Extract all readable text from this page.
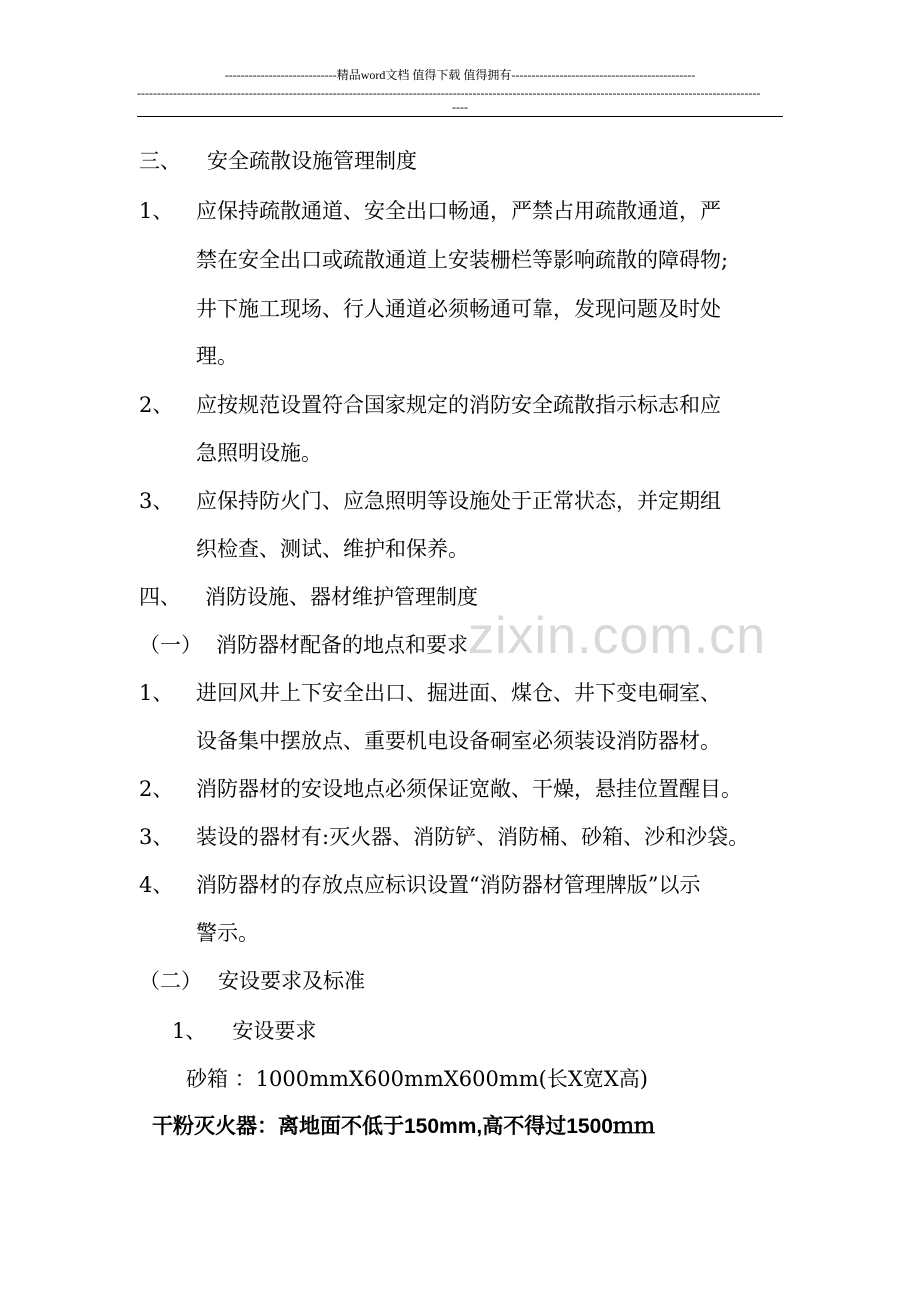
----------------------------精品word文档 值得下载 值得拥有----------------------------------------------
------------------------------------------------------------------------------------------------------------------------------------------------------------
----
zixin.com.cn
三、 安全疏散设施管理制度
1、 应保持疏散通道、安全出口畅通，严禁占用疏散通道，严
禁在安全出口或疏散通道上安装栅栏等影响疏散的障碍物;
井下施工现场、行人通道必须畅通可靠，发现问题及时处
理。
2、 应按规范设置符合国家规定的消防安全疏散指示标志和应
急照明设施。
3、 应保持防火门、应急照明等设施处于正常状态，并定期组
织检查、测试、维护和保养。
四、 消防设施、器材维护管理制度
（一） 消防器材配备的地点和要求
1、 进回风井上下安全出口、掘进面、煤仓、井下变电硐室、
设备集中摆放点、重要机电设备硐室必须装设消防器材。
2、 消防器材的安设地点必须保证宽敞、干燥，悬挂位置醒目。
3、 装设的器材有:灭火器、消防铲、消防桶、砂箱、沙和沙袋。
4、 消防器材的存放点应标识设置“消防器材管理牌版”以示
警示。
（二） 安设要求及标准
1、 安设要求
砂箱 ：1000mmX600mmX600mm(长X宽X高)
干粉灭火器：离地面不低于150mm,高不得过1500ｍｍ
